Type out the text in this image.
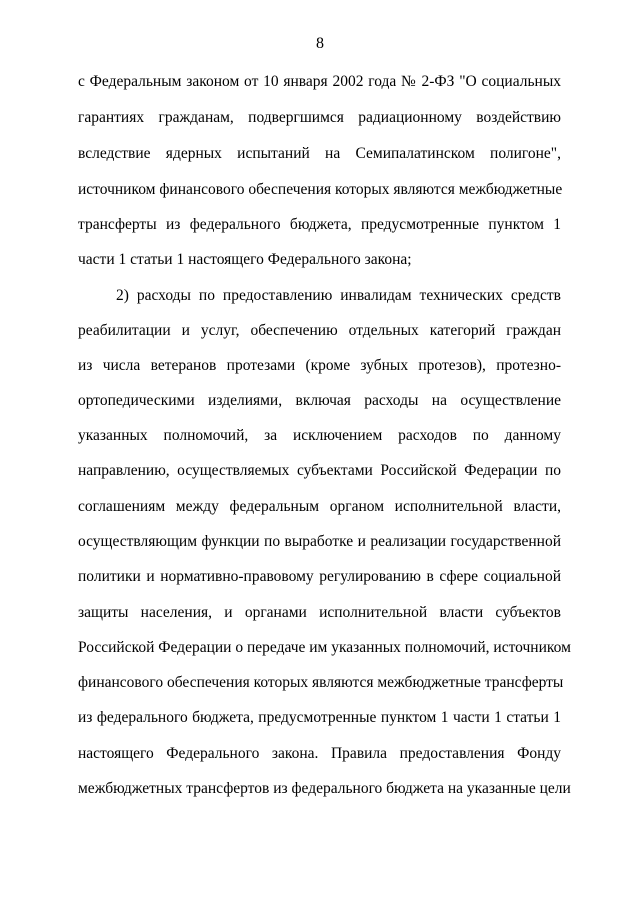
8
с Федеральным законом от 10 января 2002 года № 2-ФЗ "О социальных
гарантиях гражданам, подвергшимся радиационному воздействию
вследствие ядерных испытаний на Семипалатинском полигоне",
источником финансового обеспечения которых являются межбюджетные
трансферты из федерального бюджета, предусмотренные пунктом 1
части 1 статьи 1 настоящего Федерального закона;
2) расходы по предоставлению инвалидам технических средств
реабилитации и услуг, обеспечению отдельных категорий граждан
из числа ветеранов протезами (кроме зубных протезов), протезно-
ортопедическими изделиями, включая расходы на осуществление
указанных полномочий, за исключением расходов по данному
направлению, осуществляемых субъектами Российской Федерации по
соглашениям между федеральным органом исполнительной власти,
осуществляющим функции по выработке и реализации государственной
политики и нормативно-правовому регулированию в сфере социальной
защиты населения, и органами исполнительной власти субъектов
Российской Федерации о передаче им указанных полномочий, источником
финансового обеспечения которых являются межбюджетные трансферты
из федерального бюджета, предусмотренные пунктом 1 части 1 статьи 1
настоящего Федерального закона. Правила предоставления Фонду
межбюджетных трансфертов из федерального бюджета на указанные цели
